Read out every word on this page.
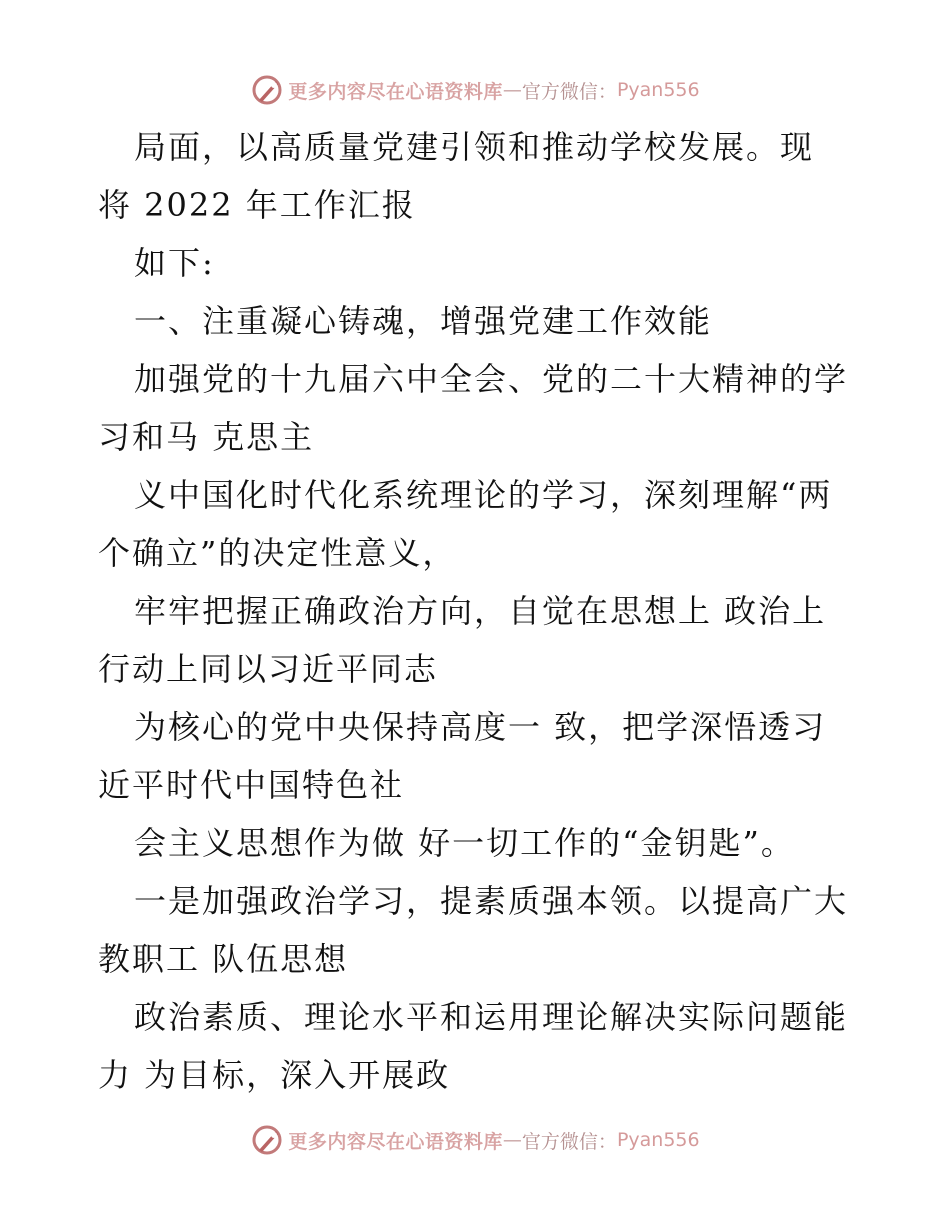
更多内容尽在心语资料库 — 官方微信： Pyan556
局面，以高质量党建引领和推动学校发展。现
将 2022 年工作汇报
如下:
一、注重凝心铸魂，增强党建工作效能
加强党的十九届六中全会、党的二十大精神的学
习和马 克思主
义中国化时代化系统理论的学习，深刻理解“两
个确立”的决定性意义，
牢牢把握正确政治方向，自觉在思想上 政治上
行动上同以习近平同志
为核心的党中央保持高度一 致，把学深悟透习
近平时代中国特色社
会主义思想作为做 好一切工作的“金钥匙”。
一是加强政治学习，提素质强本领。以提高广大
教职工 队伍思想
政治素质、理论水平和运用理论解决实际问题能
力 为目标，深入开展政
更多内容尽在心语资料库 — 官方微信： Pyan556
